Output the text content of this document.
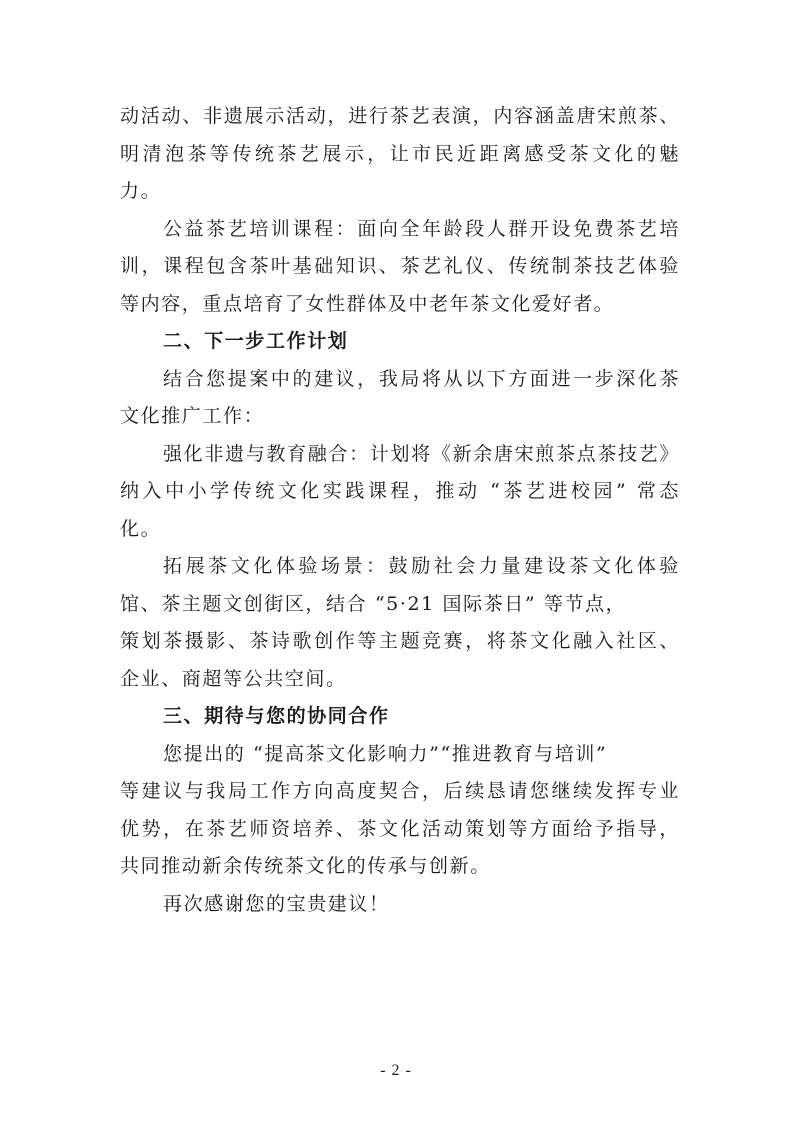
动活动、非遗展示活动，进行茶艺表演，内容涵盖唐宋煎茶、
明清泡茶等传统茶艺展示，让市民近距离感受茶文化的魅
力。
公益茶艺培训课程：面向全年龄段人群开设免费茶艺培
训，课程包含茶叶基础知识、茶艺礼仪、传统制茶技艺体验
等内容，重点培育了女性群体及中老年茶文化爱好者。
二、下一步工作计划
结合您提案中的建议，我局将从以下方面进一步深化茶
文化推广工作：
强化非遗与教育融合：计划将《新余唐宋煎茶点茶技艺》
纳入中小学传统文化实践课程，推动 “茶艺进校园” 常态
化。
拓展茶文化体验场景：鼓励社会力量建设茶文化体验
馆、茶主题文创街区，结合 “5·21 国际茶日” 等节点，
策划茶摄影、茶诗歌创作等主题竞赛，将茶文化融入社区、
企业、商超等公共空间。
三、期待与您的协同合作
您提出的 “提高茶文化影响力”“推进教育与培训”
等建议与我局工作方向高度契合，后续恳请您继续发挥专业
优势，在茶艺师资培养、茶文化活动策划等方面给予指导，
共同推动新余传统茶文化的传承与创新。
再次感谢您的宝贵建议！
- 2 -
